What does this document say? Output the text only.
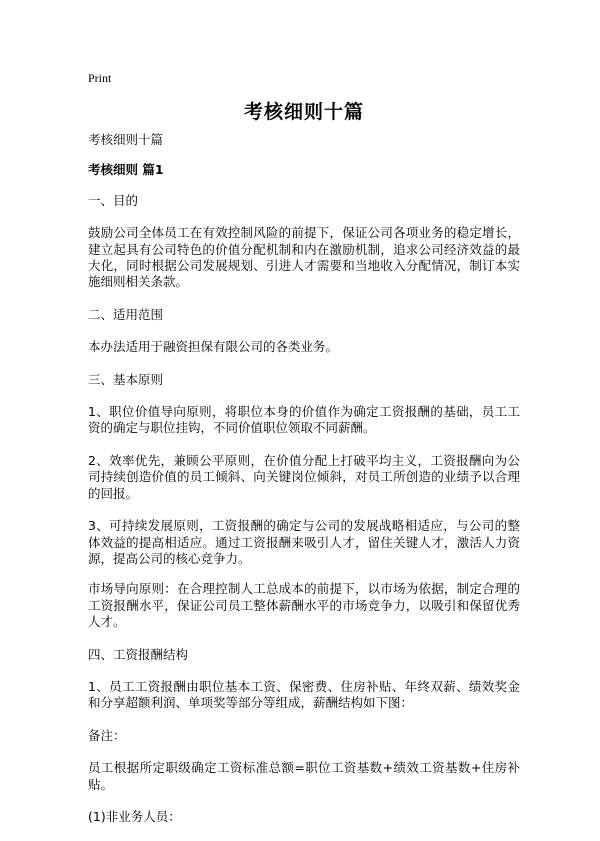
Print
考核细则十篇

考核细则十篇

考核细则 篇1

一、目的

鼓励公司全体员工在有效控制风险的前提下，保证公司各项业务的稳定增长，建立起具有公司特色的价值分配机制和内在激励机制，追求公司经济效益的最大化，同时根据公司发展规划、引进人才需要和当地收入分配情况，制订本实施细则相关条款。

二、适用范围

本办法适用于融资担保有限公司的各类业务。

三、基本原则

1、职位价值导向原则，将职位本身的价值作为确定工资报酬的基础，员工工资的确定与职位挂钩，不同价值职位领取不同薪酬。

2、效率优先，兼顾公平原则，在价值分配上打破平均主义，工资报酬向为公司持续创造价值的员工倾斜、向关键岗位倾斜，对员工所创造的业绩予以合理的回报。

3、可持续发展原则，工资报酬的确定与公司的发展战略相适应，与公司的整体效益的提高相适应。通过工资报酬来吸引人才，留住关键人才，激活人力资源，提高公司的核心竞争力。

市场导向原则：在合理控制人工总成本的前提下，以市场为依据，制定合理的工资报酬水平，保证公司员工整体薪酬水平的市场竞争力，以吸引和保留优秀人才。

四、工资报酬结构

1、员工工资报酬由职位基本工资、保密费、住房补贴、年终双薪、绩效奖金和分享超额利润、单项奖等部分等组成，薪酬结构如下图：

备注：

员工根据所定职级确定工资标准总额=职位工资基数+绩效工资基数+住房补贴。

(1)非业务人员：
